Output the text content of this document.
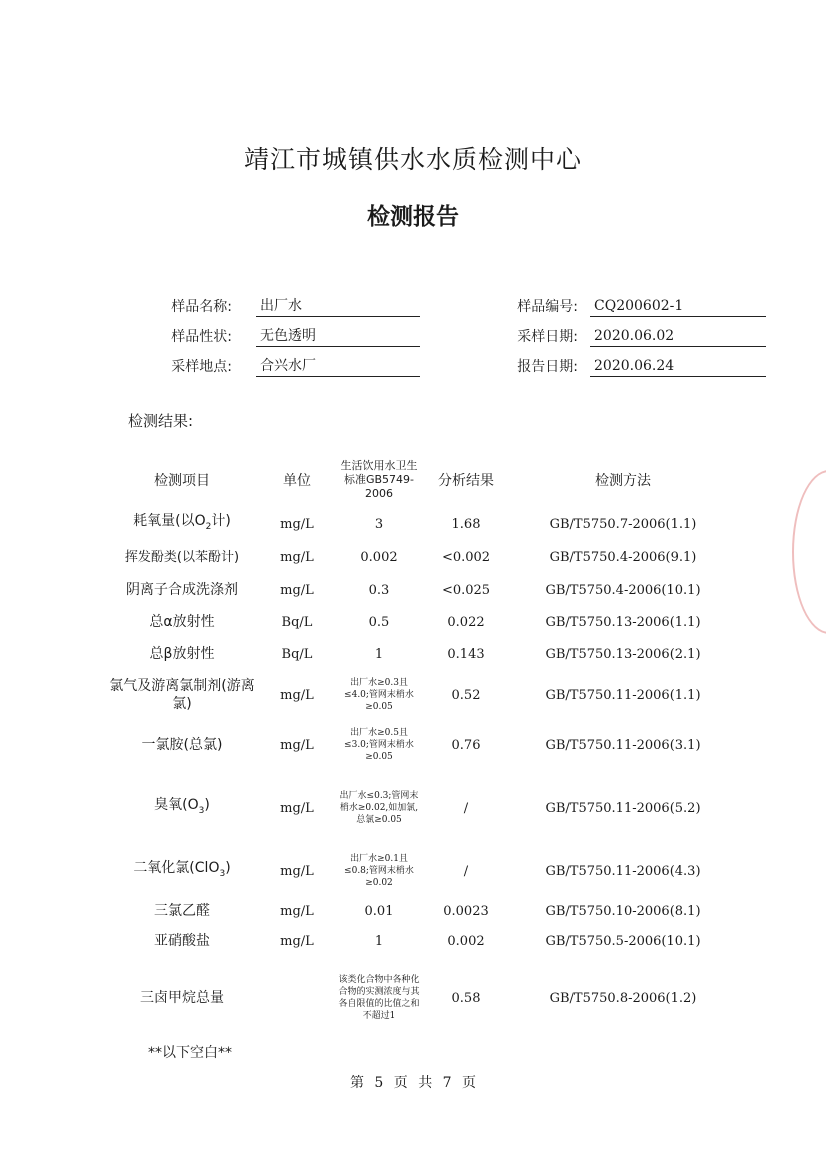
靖江市城镇供水水质检测中心
检测报告
样品名称: 出厂水
样品性状: 无色透明
采样地点: 合兴水厂
样品编号: CQ200602-1
采样日期: 2020.06.02
报告日期: 2020.06.24
检测结果:
检测项目	单位	生活饮用水卫生标准GB5749-2006	分析结果	检测方法
耗氧量(以$O_2$计)	mg/L	3	1.68	GB/T5750.7-2006(1.1)
挥发酚类(以苯酚计)	mg/L	0.002	<0.002	GB/T5750.4-2006(9.1)
阴离子合成洗涤剂	mg/L	0.3	<0.025	GB/T5750.4-2006(10.1)
总α放射性	Bq/L	0.5	0.022	GB/T5750.13-2006(1.1)
总β放射性	Bq/L	1	0.143	GB/T5750.13-2006(2.1)
氯气及游离氯制剂(游离氯)	mg/L	出厂水≥0.3且≤4.0;管网末梢水≥0.05	0.52	GB/T5750.11-2006(1.1)
一氯胺(总氯)	mg/L	出厂水≥0.5且≤3.0;管网末梢水≥0.05	0.76	GB/T5750.11-2006(3.1)
臭氧$(O_3)$	mg/L	出厂水≤0.3;管网末梢水≥0.02,如加氯,总氯≥0.05	/	GB/T5750.11-2006(5.2)
二氧化氯(ClO$_3$)	mg/L	出厂水≥0.1且≤0.8;管网末梢水≥0.02	/	GB/T5750.11-2006(4.3)
三氯乙醛	mg/L	0.01	0.0023	GB/T5750.10-2006(8.1)
亚硝酸盐	mg/L	1	0.002	GB/T5750.5-2006(10.1)
三卤甲烷总量		该类化合物中各种化合物的实测浓度与其各自限值的比值之和不超过1	0.58	GB/T5750.8-2006(1.2)
**以下空白**
第 5 页 共 7 页
